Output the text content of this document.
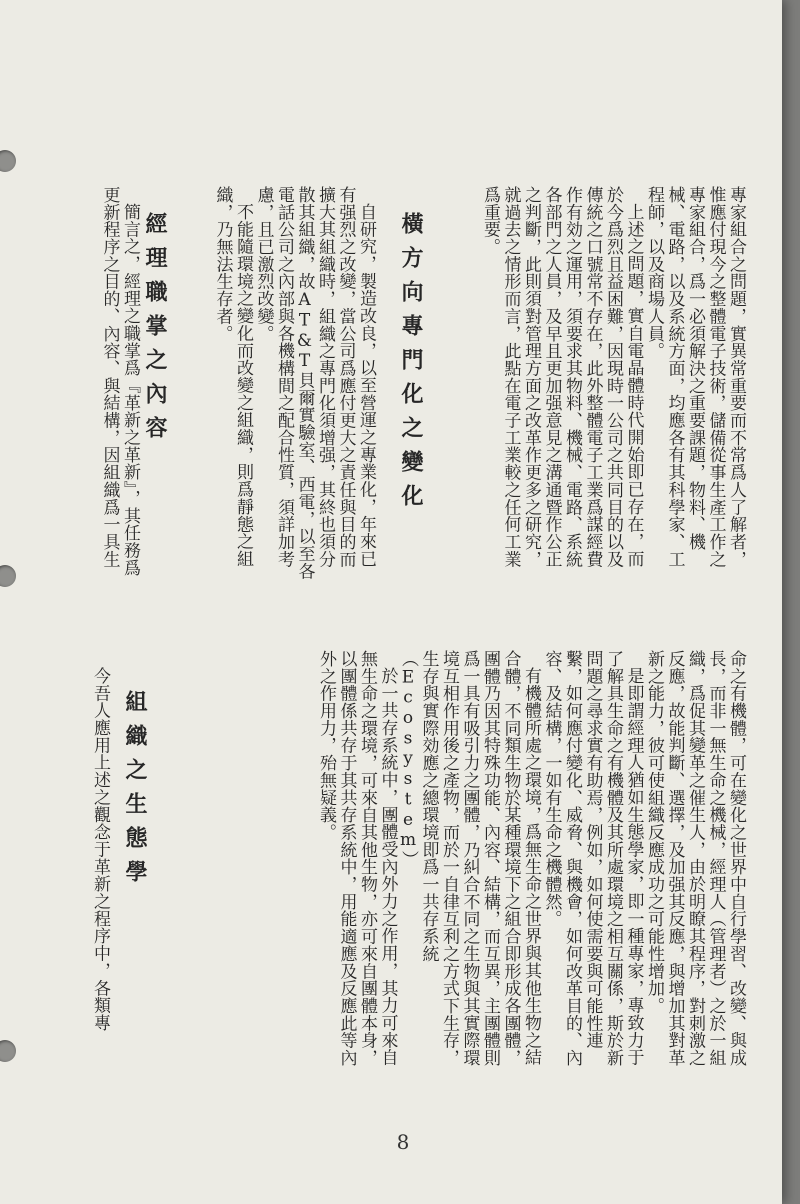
專家組合之問題，實異常重要而不常爲人了解者，惟應付現今之整體電子技術，儲備從事生產工作之專家組合，爲一必須解決之重要課題，物料、機械、電路，以及系統方面，均應各有其科學家、工程師，以及商場人員。

上述之問題，實自電晶體時代開始即已存在，而於今爲烈且益困難，因現時一公司之共同目的以及傳統之口號常不存在，此外整體電子工業爲謀經費作有効之運用，須要求其物料、機械、電路、系統各部門之人員，及早且更加强意見之溝通暨作公正之判斷，此則須對管理方面之改革作更多之研究，就過去之情形而言，此點在電子工業較之任何工業爲重要。

橫方向專門化之變化

自研究，製造改良，以至營運之專業化，年來已有强烈之改變，當公司爲應付更大之責任與目的而擴大其組織時，組織之專門化須增强，其終也須分散其組織，故AT&T貝爾實驗室、西電，以至各電話公司之內部與各機構間之配合性質，須詳加考慮，且已激烈改變。

不能隨環境之變化而改變之組織，則爲靜態之組織，乃無法生存者。

經理職掌之內容

簡言之，經理之職掌爲『革新之革新』，其任務爲更新程序之目的、內容、與結構，因組織爲一具生

命之有機體，可在變化之世界中自行學習、改變、與成長，而非一無生命之機械，經理人（管理者）之於一組織，爲促其變革之催生人，由於明瞭其程序，對刺激之反應，故能判斷、選擇，及加强其反應，與增加其對革新之能力，彼可使組織反應成功之可能性增加。

是即謂經理人猶如生態學家，即一種專家，專致力于了解具生命之有機體及其所處環境之相互關係，斯於新問題之尋求實有助焉，例如，如何使需要與可能性連繫，如何應付變化、威脅、與機會，如何改革目的、內容、及結構，一如有生命之機體然。

有機體所處之環境，爲無生命之世界與其他生物之結合體，不同類生物於某種環境下之組合即形成各團體，團體乃因其特殊功能、內容、結構，而互異，主團體則爲一具有吸引力之團體，乃糾合不同之生物與其實際環境互相作用後之產物，而於一自律互利之方式下生存，生存與實際効應之總環境即爲一共存系統（Ecosystem）

於一共存系統中，團體受內外力之作用，其力可來自無生命之環境，可來自其他生物，亦可來自團體本身，以團體係共存于其共存系統中，用能適應及反應此等內外之作用力，殆無疑義。

組織之生態學

今吾人應用上述之觀念于革新之程序中，各類專

8
